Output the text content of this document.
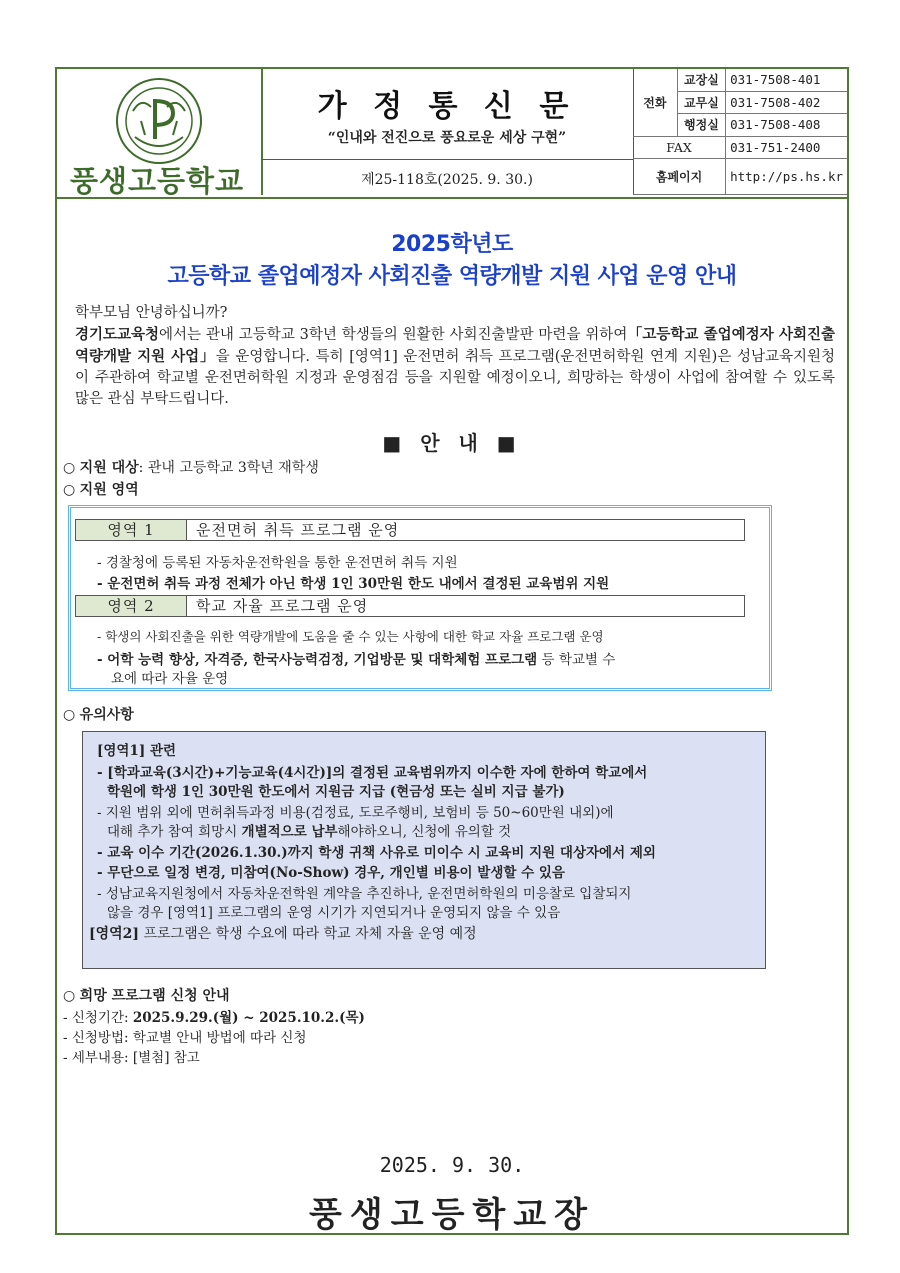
풍생고등학교
가 정 통 신 문
“인내와 전진으로 풍요로운 세상 구현”
제25-118호(2025. 9. 30.)
전화	교장실	031-7508-401
	교무실	031-7508-402
	행정실	031-7508-408
FAX		031-751-2400
홈페이지		http://ps.hs.kr
2025학년도
고등학교 졸업예정자 사회진출 역량개발 지원 사업 운영 안내
학부모님 안녕하십니까?
경기도교육청에서는 관내 고등학교 3학년 학생들의 원활한 사회진출발판 마련을 위하여「고등학교 졸업예정자 사회진출 역량개발 지원 사업」을 운영합니다. 특히 [영역1] 운전면허 취득 프로그램(운전면허학원 연계 지원)은 성남교육지원청이 주관하여 학교별 운전면허학원 지정과 운영점검 등을 지원할 예정이오니, 희망하는 학생이 사업에 참여할 수 있도록 많은 관심 부탁드립니다.
■ 안 내 ■
○ 지원 대상: 관내 고등학교 3학년 재학생
○ 지원 영역
영역 1	운전면허 취득 프로그램 운영
- 경찰청에 등록된 자동차운전학원을 통한 운전면허 취득 지원
- 운전면허 취득 과정 전체가 아닌 학생 1인 30만원 한도 내에서 결정된 교육범위 지원
영역 2	학교 자율 프로그램 운영
- 학생의 사회진출을 위한 역량개발에 도움을 줄 수 있는 사항에 대한 학교 자율 프로그램 운영
- 어학 능력 향상, 자격증, 한국사능력검정, 기업방문 및 대학체험 프로그램 등 학교별 수
요에 따라 자율 운영
○ 유의사항
[영역1] 관련
- [학과교육(3시간)+기능교육(4시간)]의 결정된 교육범위까지 이수한 자에 한하여 학교에서
학원에 학생 1인 30만원 한도에서 지원금 지급 (현금성 또는 실비 지급 불가)
- 지원 범위 외에 면허취득과정 비용(검정료, 도로주행비, 보험비 등 50~60만원 내외)에
대해 추가 참여 희망시 개별적으로 납부해야하오니, 신청에 유의할 것
- 교육 이수 기간(2026.1.30.)까지 학생 귀책 사유로 미이수 시 교육비 지원 대상자에서 제외
- 무단으로 일정 변경, 미참여(No-Show) 경우, 개인별 비용이 발생할 수 있음
- 성남교육지원청에서 자동차운전학원 계약을 추진하나, 운전면허학원의 미응찰로 입찰되지
않을 경우 [영역1] 프로그램의 운영 시기가 지연되거나 운영되지 않을 수 있음
[영역2] 프로그램은 학생 수요에 따라 학교 자체 자율 운영 예정
○ 희망 프로그램 신청 안내
- 신청기간: 2025.9.29.(월) ~ 2025.10.2.(목)
- 신청방법: 학교별 안내 방법에 따라 신청
- 세부내용: [별첨] 참고
2025. 9. 30.
풍생고등학교장
